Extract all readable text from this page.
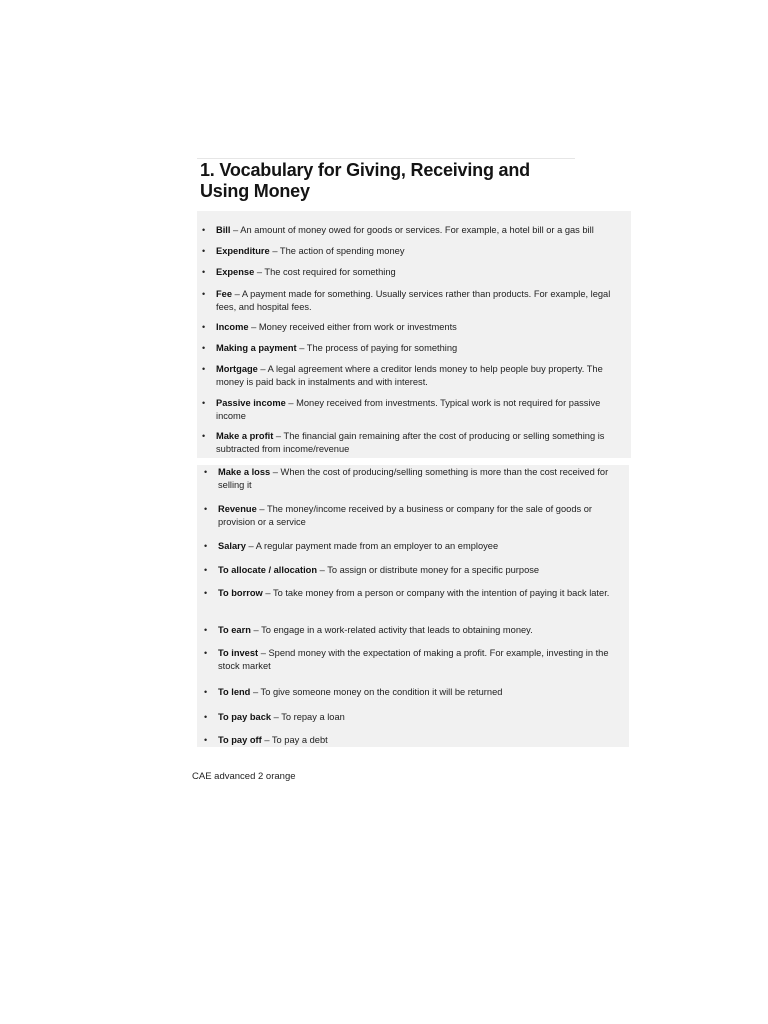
1. Vocabulary for Giving, Receiving and Using Money
• Bill – An amount of money owed for goods or services. For example, a hotel bill or a gas bill
• Expenditure – The action of spending money
• Expense – The cost required for something
• Fee – A payment made for something. Usually services rather than products. For example, legal fees, and hospital fees.
• Income – Money received either from work or investments
• Making a payment – The process of paying for something
• Mortgage – A legal agreement where a creditor lends money to help people buy property. The money is paid back in instalments and with interest.
• Passive income – Money received from investments. Typical work is not required for passive income
• Make a profit – The financial gain remaining after the cost of producing or selling something is subtracted from income/revenue
• Make a loss – When the cost of producing/selling something is more than the cost received for selling it
• Revenue – The money/income received by a business or company for the sale of goods or provision or a service
• Salary – A regular payment made from an employer to an employee
• To allocate / allocation – To assign or distribute money for a specific purpose
• To borrow – To take money from a person or company with the intention of paying it back later.
• To earn – To engage in a work-related activity that leads to obtaining money.
• To invest – Spend money with the expectation of making a profit. For example, investing in the stock market
• To lend – To give someone money on the condition it will be returned
• To pay back – To repay a loan
• To pay off – To pay a debt

CAE advanced 2 orange
